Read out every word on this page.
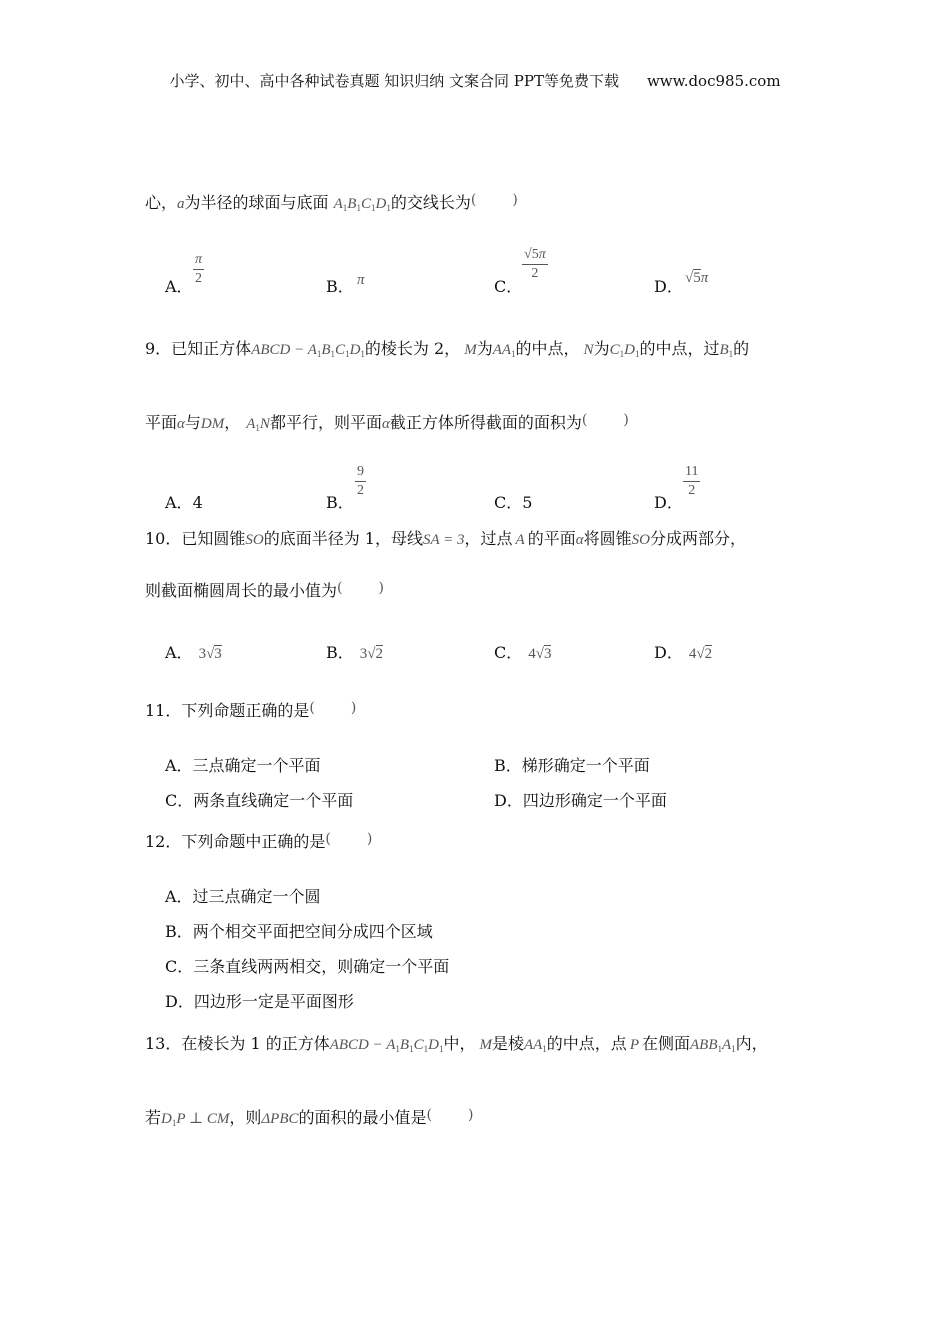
小学、初中、高中各种试卷真题 知识归纳 文案合同 PPT等免费下载 www.doc985.com
心，a为半径的球面与底面 $A_1B_1C_1D_1$的交线长为(	)
A． $\frac{\pi}{2}$	B． π	C．
$\frac{√5\pi}{2}$
D． √5π
9．已知正方体ABCD − $A_1B_1C_1D_1$的棱长为 2， M为$AA_1$的中点， N为$C_1D_1$的中点，过$B_1$的
平面α与DM， $A_1N$都平行，则平面α截正方体所得截面的面积为(	)
A．4	B．
$\frac{9}{2}$
C．5	D．
$\frac{11}{2}$
10．已知圆锥SO的底面半径为 1，母线SA = 3，过点 A 的平面α将圆锥SO分成两部分，
则截面椭圆周长的最小值为(	)
A． 3√3	B． 3√2	C． 4√3	D． 4√2
11．下列命题正确的是(	)
A．三点确定一个平面	B．梯形确定一个平面
C．两条直线确定一个平面	D．四边形确定一个平面
12．下列命题中正确的是(	)
A．过三点确定一个圆
B．两个相交平面把空间分成四个区域
C．三条直线两两相交，则确定一个平面
D．四边形一定是平面图形
13．在棱长为 1 的正方体ABCD − $A_1B_1C_1D_1$中， M是棱$AA_1$的中点，点 P 在侧面$ABB_1A_1$内，
若$D_1P$ ⊥ CM，则ΔPBC的面积的最小值是(	)
